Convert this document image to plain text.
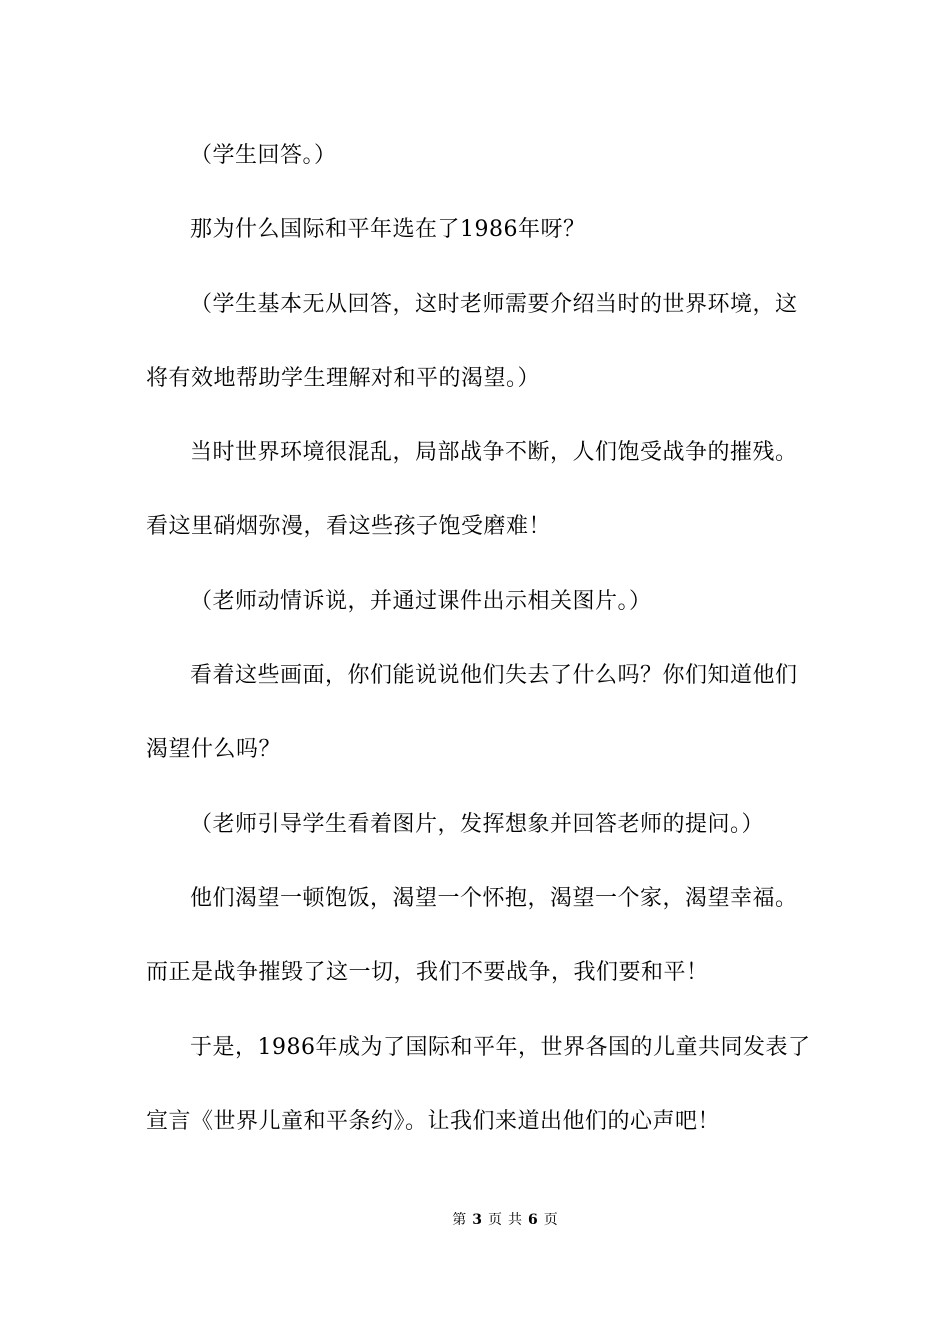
（学生回答。）
那为什么国际和平年选在了1986年呀？
（学生基本无从回答，这时老师需要介绍当时的世界环境，这
将有效地帮助学生理解对和平的渴望。）
当时世界环境很混乱，局部战争不断，人们饱受战争的摧残。
看这里硝烟弥漫，看这些孩子饱受磨难！
（老师动情诉说，并通过课件出示相关图片。）
看着这些画面，你们能说说他们失去了什么吗？你们知道他们
渴望什么吗？
（老师引导学生看着图片，发挥想象并回答老师的提问。）
他们渴望一顿饱饭，渴望一个怀抱，渴望一个家，渴望幸福。
而正是战争摧毁了这一切，我们不要战争，我们要和平！
于是，1986年成为了国际和平年，世界各国的儿童共同发表了
宣言《世界儿童和平条约》。让我们来道出他们的心声吧！
第 3 页 共 6 页
